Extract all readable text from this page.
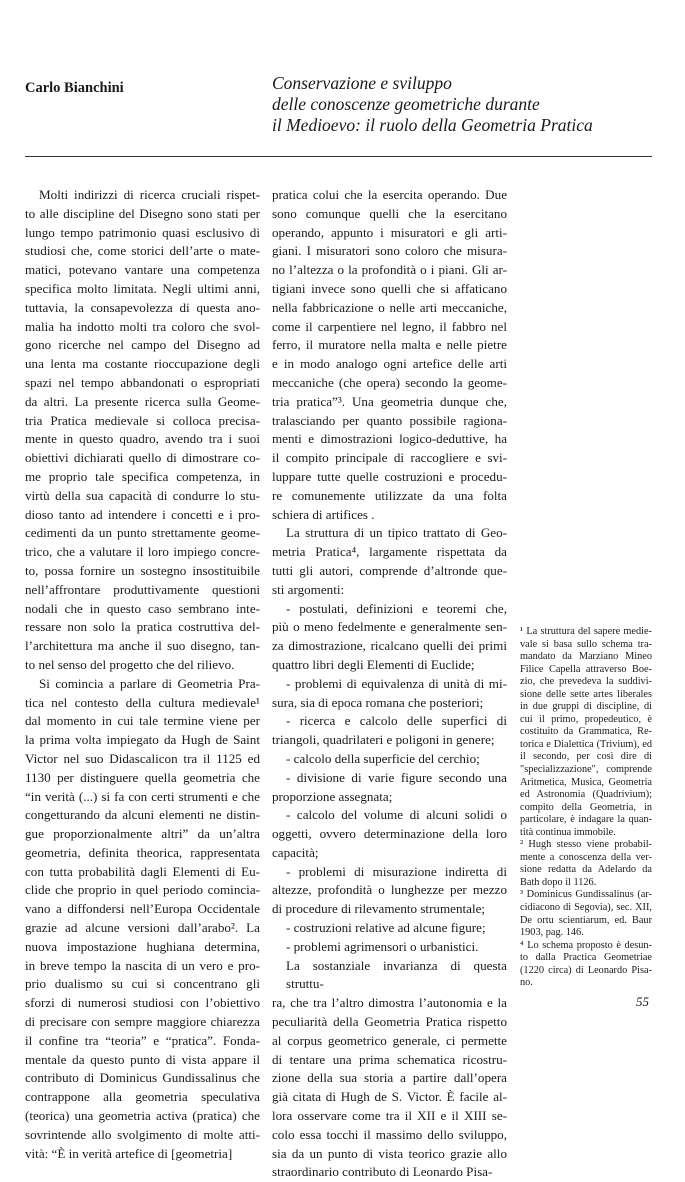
Carlo Bianchini	Conservazione e sviluppo
delle conoscenze geometriche durante
il Medioevo: il ruolo della Geometria Pratica
Molti indirizzi di ricerca cruciali rispet-
to alle discipline del Disegno sono stati per
lungo tempo patrimonio quasi esclusivo di
studiosi che, come storici dell’arte o mate-
matici, potevano vantare una competenza
specifica molto limitata. Negli ultimi anni,
tuttavia, la consapevolezza di questa ano-
malia ha indotto molti tra coloro che svol-
gono ricerche nel campo del Disegno ad
una lenta ma costante rioccupazione degli
spazi nel tempo abbandonati o espropriati
da altri. La presente ricerca sulla Geome-
tria Pratica medievale si colloca precisa-
mente in questo quadro, avendo tra i suoi
obiettivi dichiarati quello di dimostrare co-
me proprio tale specifica competenza, in
virtù della sua capacità di condurre lo stu-
dioso tanto ad intendere i concetti e i pro-
cedimenti da un punto strettamente geome-
trico, che a valutare il loro impiego concre-
to, possa fornire un sostegno insostituibile
nell’affrontare produttivamente questioni
nodali che in questo caso sembrano inte-
ressare non solo la pratica costruttiva del-
l’architettura ma anche il suo disegno, tan-
to nel senso del progetto che del rilievo.
Si comincia a parlare di Geometria Pra-
tica nel contesto della cultura medievale¹
dal momento in cui tale termine viene per
la prima volta impiegato da Hugh de Saint
Victor nel suo Didascalicon tra il 1125 ed
1130 per distinguere quella geometria che
“in verità (...) si fa con certi strumenti e che
congetturando da alcuni elementi ne distin-
gue proporzionalmente altri” da un’altra
geometria, definita theorica, rappresentata
con tutta probabilità dagli Elementi di Eu-
clide che proprio in quel periodo comincia-
vano a diffondersi nell’Europa Occidentale
grazie ad alcune versioni dall’arabo². La
nuova impostazione hughiana determina,
in breve tempo la nascita di un vero e pro-
prio dualismo su cui si concentrano gli
sforzi di numerosi studiosi con l’obiettivo
di precisare con sempre maggiore chiarezza
il confine tra “teoria” e “pratica”. Fonda-
mentale da questo punto di vista appare il
contributo di Dominicus Gundissalinus che
contrappone alla geometria speculativa
(teorica) una geometria activa (pratica) che
sovrintende allo svolgimento di molte atti-
vità: “È in verità artefice di [geometria]
pratica colui che la esercita operando. Due
sono comunque quelli che la esercitano
operando, appunto i misuratori e gli arti-
giani. I misuratori sono coloro che misura-
no l’altezza o la profondità o i piani. Gli ar-
tigiani invece sono quelli che si affaticano
nella fabbricazione o nelle arti meccaniche,
come il carpentiere nel legno, il fabbro nel
ferro, il muratore nella malta e nelle pietre
e in modo analogo ogni artefice delle arti
meccaniche (che opera) secondo la geome-
tria pratica”³. Una geometria dunque che,
tralasciando per quanto possibile ragiona-
menti e dimostrazioni logico-deduttive, ha
il compito principale di raccogliere e svi-
luppare tutte quelle costruzioni e procedu-
re comunemente utilizzate da una folta
schiera di artifices .
La struttura di un tipico trattato di Geo-
metria Pratica⁴, largamente rispettata da
tutti gli autori, comprende d’altronde que-
sti argomenti:
- postulati, definizioni e teoremi che,
più o meno fedelmente e generalmente sen-
za dimostrazione, ricalcano quelli dei primi
quattro libri degli Elementi di Euclide;
- problemi di equivalenza di unità di mi-
sura, sia di epoca romana che posteriori;
- ricerca e calcolo delle superfici di
triangoli, quadrilateri e poligoni in genere;
- calcolo della superficie del cerchio;
- divisione di varie figure secondo una
proporzione assegnata;
- calcolo del volume di alcuni solidi o
oggetti, ovvero determinazione della loro
capacità;
- problemi di misurazione indiretta di
altezze, profondità o lunghezze per mezzo
di procedure di rilevamento strumentale;
- costruzioni relative ad alcune figure;
- problemi agrimensori o urbanistici.
La sostanziale invarianza di questa struttu-
ra, che tra l’altro dimostra l’autonomia e la
peculiarità della Geometria Pratica rispetto
al corpus geometrico generale, ci permette
di tentare una prima schematica ricostru-
zione della sua storia a partire dall’opera
già citata di Hugh de S. Victor. È facile al-
lora osservare come tra il XII e il XIII se-
colo essa tocchi il massimo dello sviluppo,
sia da un punto di vista teorico grazie allo
straordinario contributo di Leonardo Pisa-
¹ La struttura del sapere medie-
vale si basa sullo schema tra-
mandato da Marziano Mineo
Filice Capella attraverso Boe-
zio, che prevedeva la suddivi-
sione delle sette artes liberales
in due gruppi di discipline, di
cui il primo, propedeutico, è
costituito da Grammatica, Re-
torica e Dialettica (Trivium), ed
il secondo, per così dire di
"specializzazione", comprende
Aritmetica, Musica, Geometria
ed Astronomia (Quadrivium);
compito della Geometria, in
particolare, è indagare la quan-
tità continua immobile.
² Hugh stesso viene probabil-
mente a conoscenza della ver-
sione redatta da Adelardo da
Bath dopo il 1126.
³ Dominicus Gundissalinus (ar-
cidiacono di Segovia), sec. XII,
De ortu scientiarum, ed. Baur
1903, pag. 146.
⁴ Lo schema proposto è desun-
to dalla Practica Geometriae
(1220 circa) di Leonardo Pisa-
no.
55
